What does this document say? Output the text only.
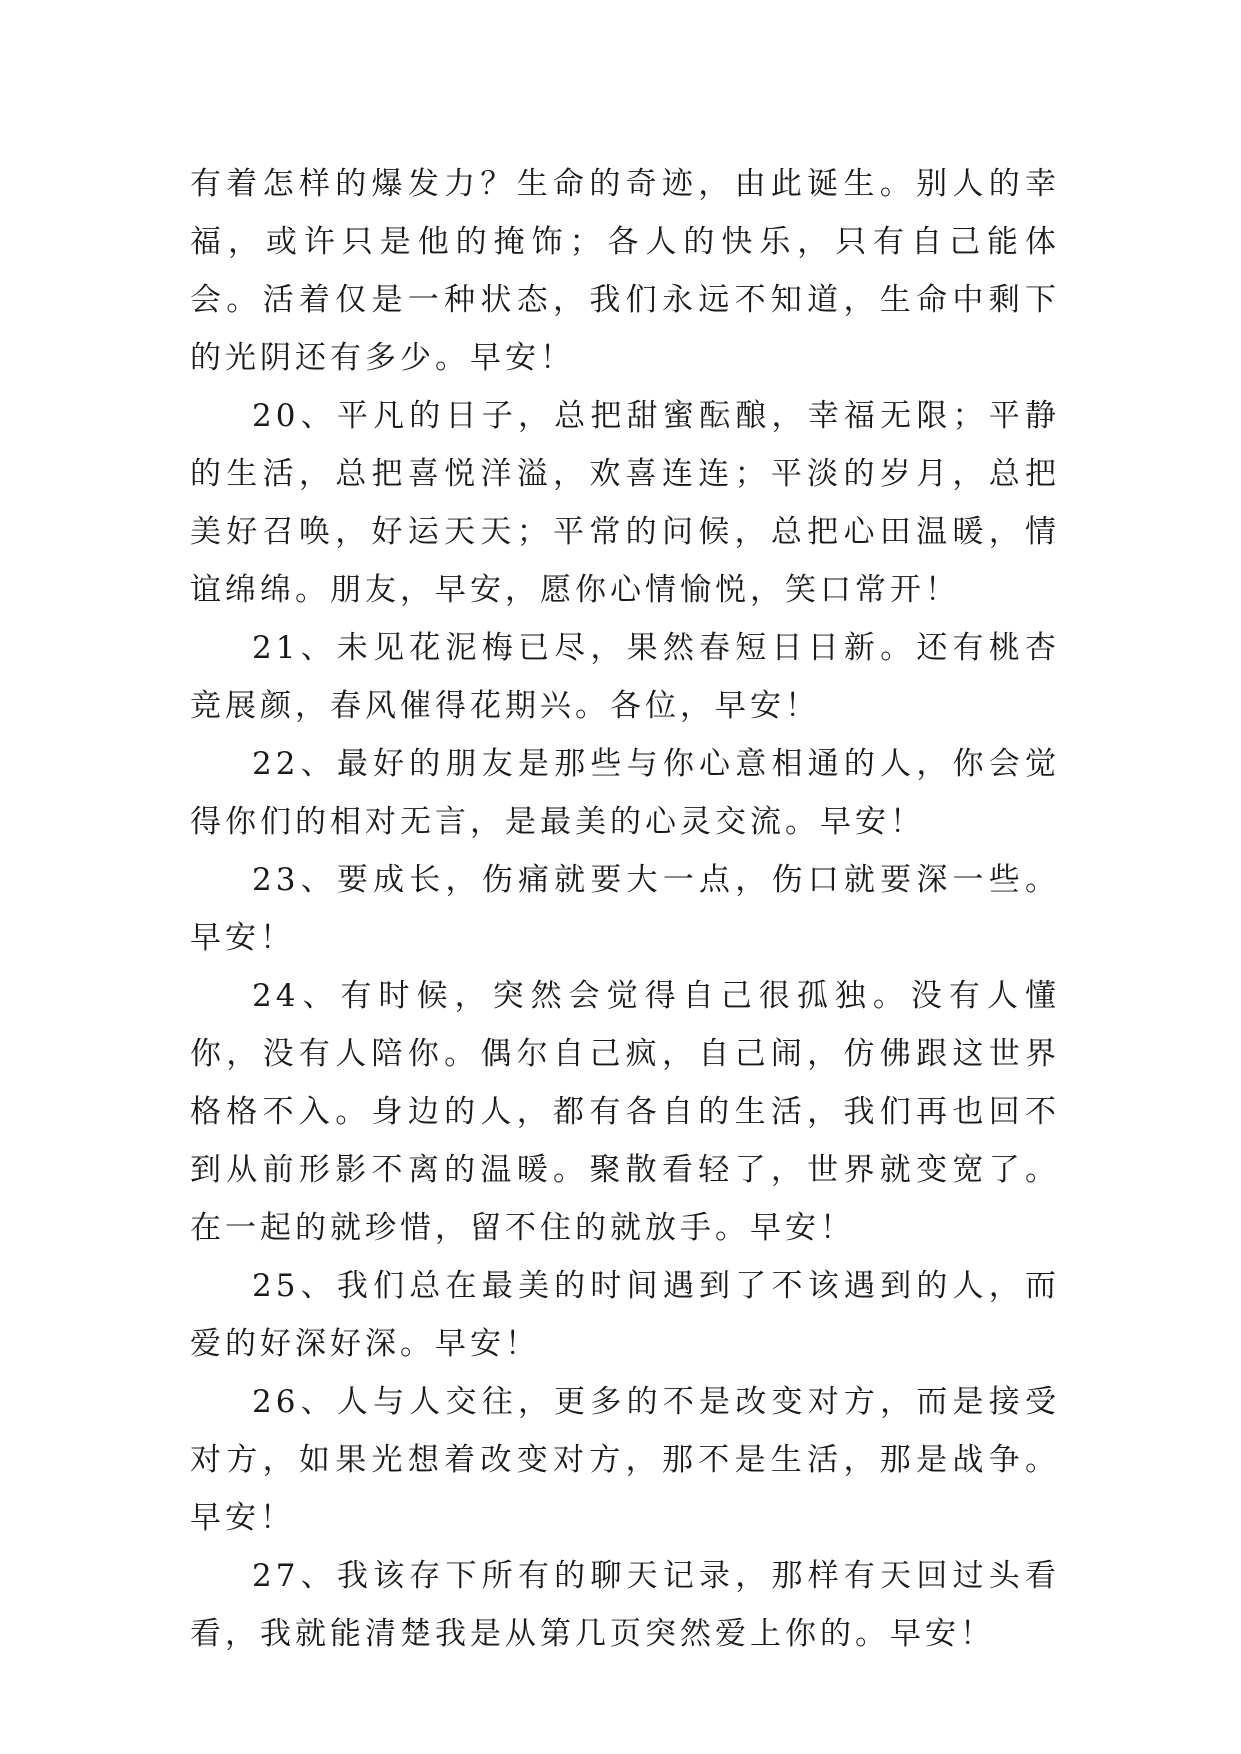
有着怎样的爆发力？生命的奇迹，由此诞生。别人的幸福，或许只是他的掩饰；各人的快乐，只有自己能体会。活着仅是一种状态，我们永远不知道，生命中剩下的光阴还有多少。早安！

20、平凡的日子，总把甜蜜酝酿，幸福无限；平静的生活，总把喜悦洋溢，欢喜连连；平淡的岁月，总把美好召唤，好运天天；平常的问候，总把心田温暖，情谊绵绵。朋友，早安，愿你心情愉悦，笑口常开！

21、未见花泥梅已尽，果然春短日日新。还有桃杏竞展颜，春风催得花期兴。各位，早安！

22、最好的朋友是那些与你心意相通的人，你会觉得你们的相对无言，是最美的心灵交流。早安！

23、要成长，伤痛就要大一点，伤口就要深一些。早安！

24、有时候，突然会觉得自己很孤独。没有人懂你，没有人陪你。偶尔自己疯，自己闹，仿佛跟这世界格格不入。身边的人，都有各自的生活，我们再也回不到从前形影不离的温暖。聚散看轻了，世界就变宽了。在一起的就珍惜，留不住的就放手。早安！

25、我们总在最美的时间遇到了不该遇到的人，而爱的好深好深。早安！

26、人与人交往，更多的不是改变对方，而是接受对方，如果光想着改变对方，那不是生活，那是战争。早安！

27、我该存下所有的聊天记录，那样有天回过头看看，我就能清楚我是从第几页突然爱上你的。早安！
